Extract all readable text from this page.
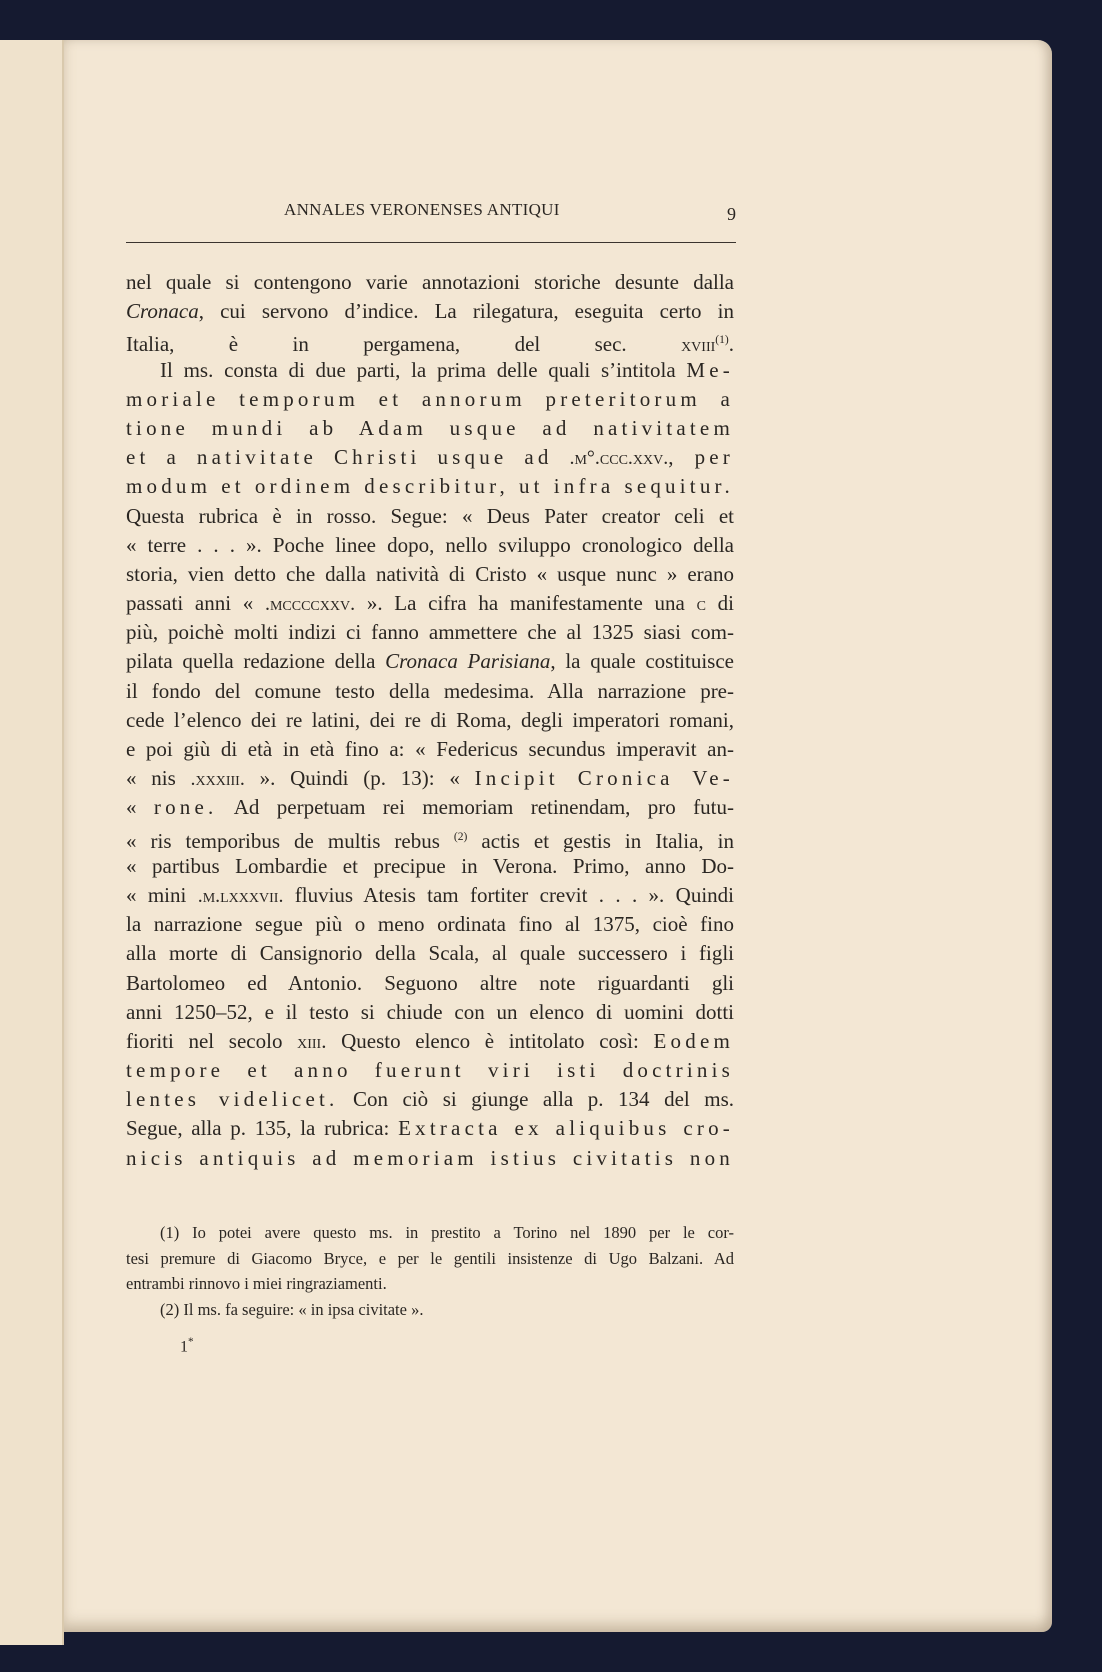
ANNALES VERONENSES ANTIQUI	9
nel quale si contengono varie annotazioni storiche desunte dalla
Cronaca, cui servono d’indice. La rilegatura, eseguita certo in
Italia, è in pergamena, del sec. xviii$^{(1)}$.
Il ms. consta di due parti, la prima delle quali s’intitola Me-
moriale temporum et annorum preteritorum a
tione mundi ab Adam usque ad nativitatem
et a nativitate Christi usque ad .m°.ccc.xxv., per
modum et ordinem describitur, ut infra sequitur.
Questa rubrica è in rosso. Segue: « Deus Pater creator celi et
« terre . . . ». Poche linee dopo, nello sviluppo cronologico della
storia, vien detto che dalla natività di Cristo « usque nunc » erano
passati anni « .mccccxxv. ». La cifra ha manifestamente una c di
più, poichè molti indizi ci fanno ammettere che al 1325 siasi com-
pilata quella redazione della Cronaca Parisiana, la quale costituisce
il fondo del comune testo della medesima. Alla narrazione pre-
cede l’elenco dei re latini, dei re di Roma, degli imperatori romani,
e poi giù di età in età fino a: « Federicus secundus imperavit an-
« nis .xxxiii. ». Quindi (p. 13): « Incipit Cronica Ve-
« rone. Ad perpetuam rei memoriam retinendam, pro futu-
« ris temporibus de multis rebus $^{(2)}$ actis et gestis in Italia, in
« partibus Lombardie et precipue in Verona. Primo, anno Do-
« mini .m.lxxxvii. fluvius Atesis tam fortiter crevit . . . ». Quindi
la narrazione segue più o meno ordinata fino al 1375, cioè fino
alla morte di Cansignorio della Scala, al quale successero i figli
Bartolomeo ed Antonio. Seguono altre note riguardanti gli
anni 1250–52, e il testo si chiude con un elenco di uomini dotti
fioriti nel secolo xiii. Questo elenco è intitolato così: Eodem
tempore et anno fuerunt viri isti doctrinis
lentes videlicet. Con ciò si giunge alla p. 134 del ms.
Segue, alla p. 135, la rubrica: Extracta ex aliquibus cro-
nicis antiquis ad memoriam istius civitatis non
(1) Io potei avere questo ms. in prestito a Torino nel 1890 per le cor-
tesi premure di Giacomo Bryce, e per le gentili insistenze di Ugo Balzani. Ad
entrambi rinnovo i miei ringraziamenti.
(2) Il ms. fa seguire: « in ipsa civitate ».
1*
